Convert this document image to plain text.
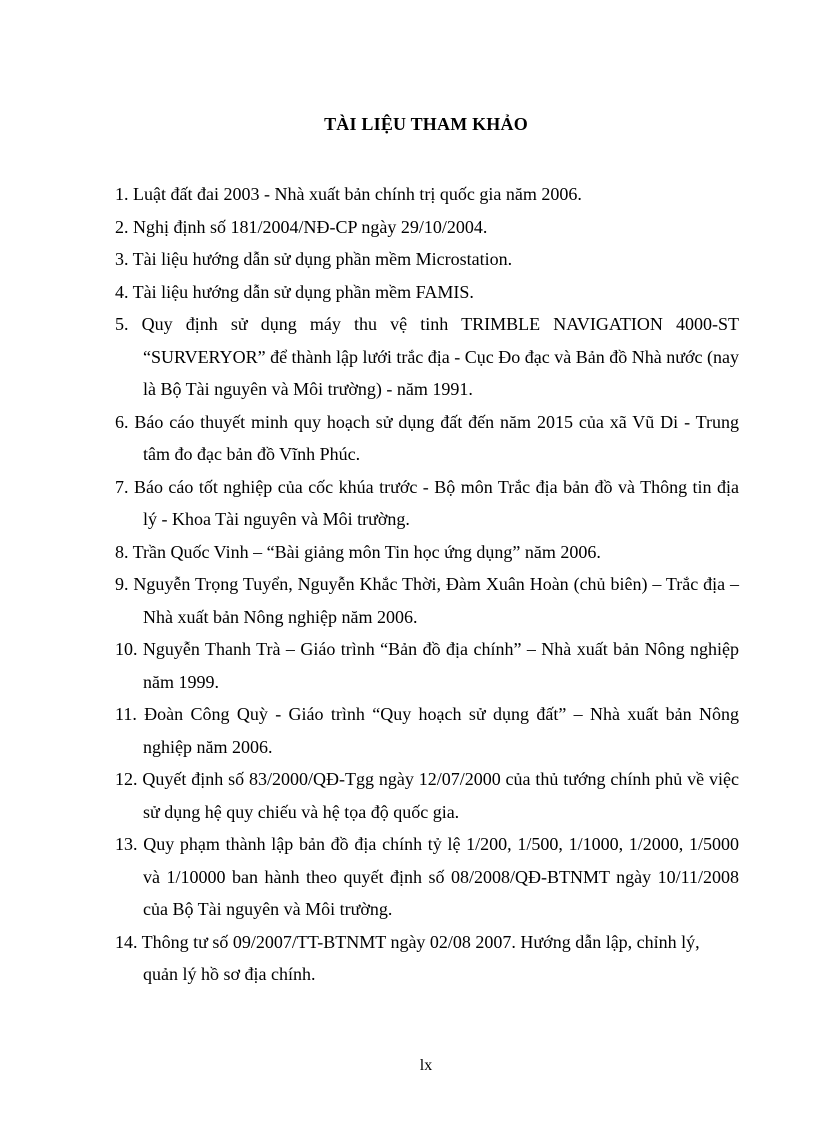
TÀI LIỆU THAM KHẢO
1. Luật đất đai 2003 - Nhà xuất bản chính trị quốc gia năm 2006.
2. Nghị định số 181/2004/NĐ-CP ngày 29/10/2004.
3. Tài liệu hướng dẫn sử dụng phần mềm Microstation.
4. Tài liệu hướng dẫn sử dụng phần mềm FAMIS.
5. Quy định sử dụng máy thu vệ tinh TRIMBLE NAVIGATION 4000-ST “SURVERYOR” để thành lập lưới trắc địa - Cục Đo đạc và Bản đồ Nhà nước (nay là Bộ Tài nguyên và Môi trường) - năm 1991.
6. Báo cáo thuyết minh quy hoạch sử dụng đất đến năm 2015 của xã Vũ Di - Trung tâm đo đạc bản đồ Vĩnh Phúc.
7. Báo cáo tốt nghiệp của cốc khúa trước - Bộ môn Trắc địa bản đồ và Thông tin địa lý - Khoa Tài nguyên và Môi trường.
8. Trần Quốc Vinh – “Bài giảng môn Tin học ứng dụng” năm 2006.
9. Nguyễn Trọng Tuyển, Nguyễn Khắc Thời, Đàm Xuân Hoàn (chủ biên) – Trắc địa – Nhà xuất bản Nông nghiệp năm 2006.
10. Nguyễn Thanh Trà – Giáo trình “Bản đồ địa chính” – Nhà xuất bản Nông nghiệp năm 1999.
11. Đoàn Công Quỳ - Giáo trình “Quy hoạch sử dụng đất” – Nhà xuất bản Nông nghiệp năm 2006.
12. Quyết định số 83/2000/QĐ-Tgg ngày 12/07/2000 của thủ tướng chính phủ về việc sử dụng hệ quy chiếu và hệ tọa độ quốc gia.
13. Quy phạm thành lập bản đồ địa chính tỷ lệ 1/200, 1/500, 1/1000, 1/2000, 1/5000 và 1/10000 ban hành theo quyết định số 08/2008/QĐ-BTNMT ngày 10/11/2008 của Bộ Tài nguyên và Môi trường.
14. Thông tư số 09/2007/TT-BTNMT ngày 02/08 2007. Hướng dẫn lập, chỉnh lý, quản lý hồ sơ địa chính.
lx
